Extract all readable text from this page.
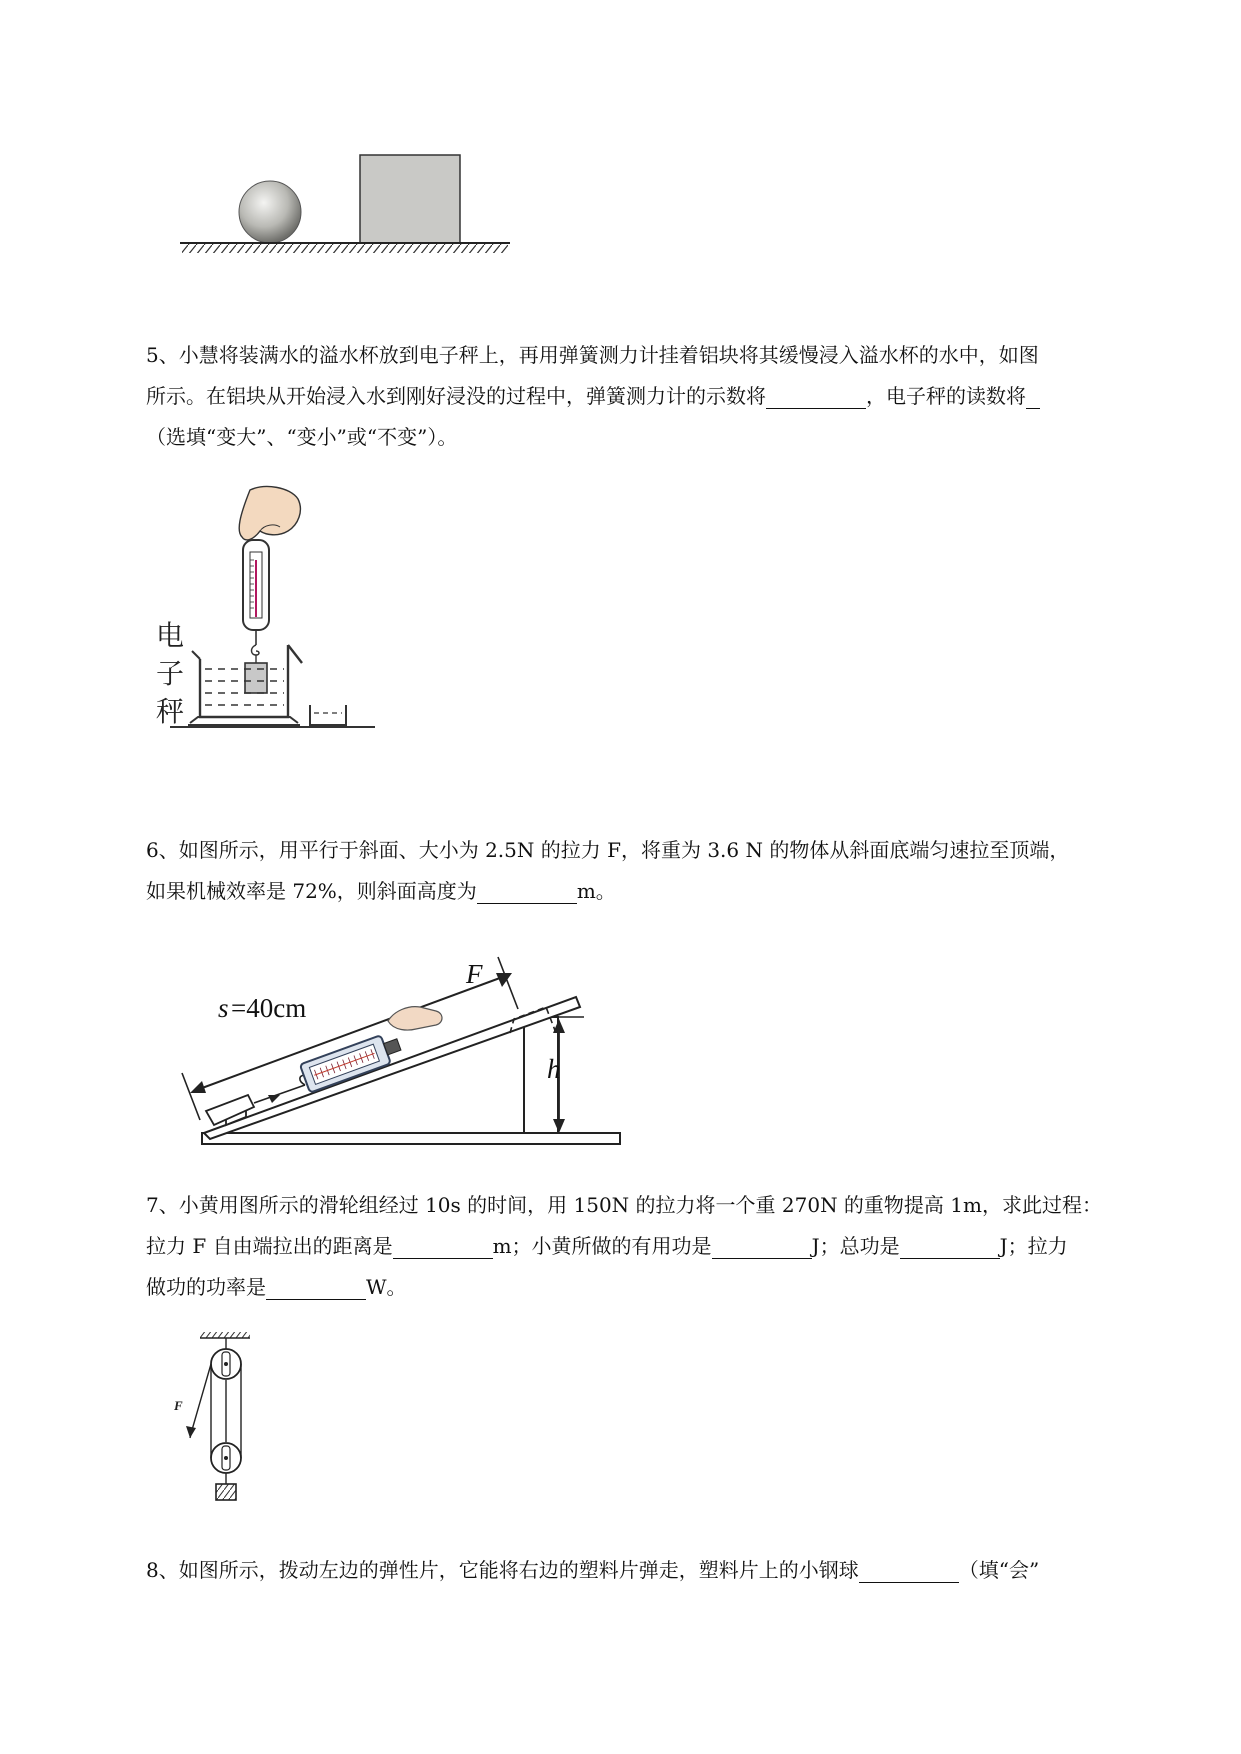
5、小慧将装满水的溢水杯放到电子秤上，再用弹簧测力计挂着铝块将其缓慢浸入溢水杯的水中，如图
所示。在铝块从开始浸入水到刚好浸没的过程中，弹簧测力计的示数将	，电子秤的读数将
（选填“变大”、“变小”或“不变”）。
电
子
秤
6、如图所示，用平行于斜面、大小为 2.5N 的拉力 F，将重为 3.6 N 的物体从斜面底端匀速拉至顶端，
如果机械效率是 72%，则斜面高度为	m。
s =40cm
F
h
7、小黄用图所示的滑轮组经过 10s 的时间，用 150N 的拉力将一个重 270N 的重物提高 1m，求此过程：
拉力 F 自由端拉出的距离是	m；小黄所做的有用功是	J；总功是	J；拉力
做功的功率是	W。
F
8、如图所示，拨动左边的弹性片，它能将右边的塑料片弹走，塑料片上的小钢球	（填“会”
